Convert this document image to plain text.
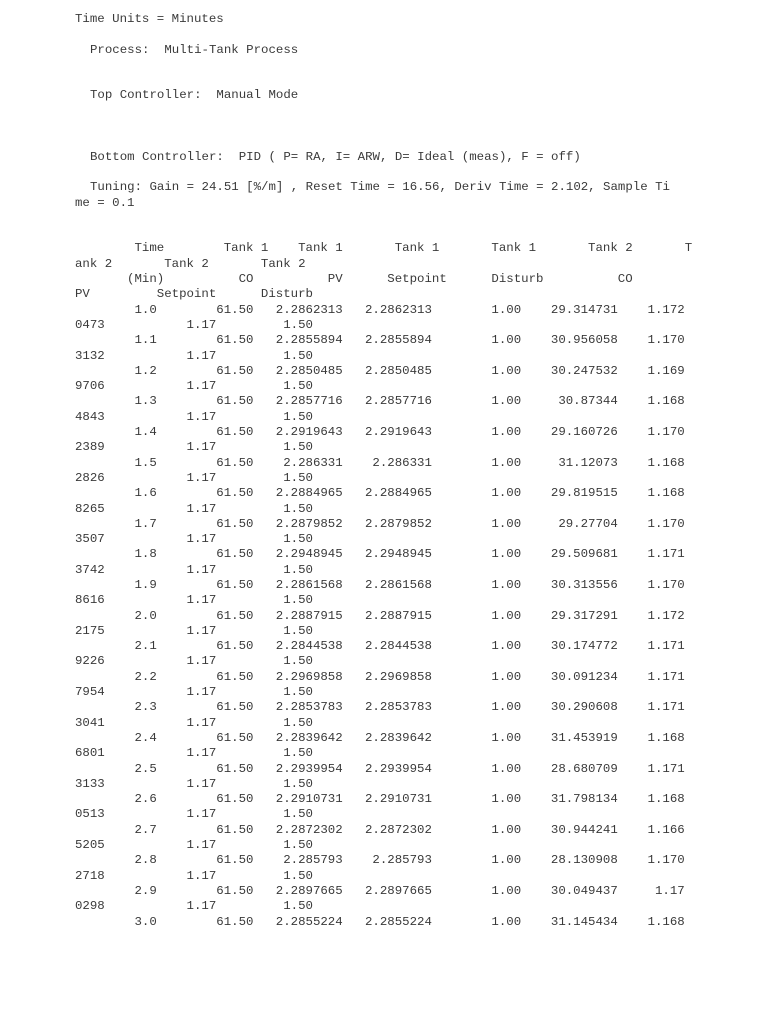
Time Units = Minutes
Process:  Multi-Tank Process
Top Controller:  Manual Mode
Bottom Controller:  PID ( P= RA, I= ARW, D= Ideal (meas), F = off)
Tuning: Gain = 24.51 [%/m] , Reset Time = 16.56, Deriv Time = 2.102, Sample Ti
me = 0.1
Time        Tank 1    Tank 1       Tank 1       Tank 1       Tank 2       T
ank 2       Tank 2       Tank 2
(Min)          CO          PV      Setpoint      Disturb          CO
PV         Setpoint      Disturb
1.0        61.50   2.2862313   2.2862313        1.00    29.314731    1.172
0473           1.17         1.50
1.1        61.50   2.2855894   2.2855894        1.00    30.956058    1.170
3132           1.17         1.50
1.2        61.50   2.2850485   2.2850485        1.00    30.247532    1.169
9706           1.17         1.50
1.3        61.50   2.2857716   2.2857716        1.00     30.87344    1.168
4843           1.17         1.50
1.4        61.50   2.2919643   2.2919643        1.00    29.160726    1.170
2389           1.17         1.50
1.5        61.50    2.286331    2.286331        1.00     31.12073    1.168
2826           1.17         1.50
1.6        61.50   2.2884965   2.2884965        1.00    29.819515    1.168
8265           1.17         1.50
1.7        61.50   2.2879852   2.2879852        1.00     29.27704    1.170
3507           1.17         1.50
1.8        61.50   2.2948945   2.2948945        1.00    29.509681    1.171
3742           1.17         1.50
1.9        61.50   2.2861568   2.2861568        1.00    30.313556    1.170
8616           1.17         1.50
2.0        61.50   2.2887915   2.2887915        1.00    29.317291    1.172
2175           1.17         1.50
2.1        61.50   2.2844538   2.2844538        1.00    30.174772    1.171
9226           1.17         1.50
2.2        61.50   2.2969858   2.2969858        1.00    30.091234    1.171
7954           1.17         1.50
2.3        61.50   2.2853783   2.2853783        1.00    30.290608    1.171
3041           1.17         1.50
2.4        61.50   2.2839642   2.2839642        1.00    31.453919    1.168
6801           1.17         1.50
2.5        61.50   2.2939954   2.2939954        1.00    28.680709    1.171
3133           1.17         1.50
2.6        61.50   2.2910731   2.2910731        1.00    31.798134    1.168
0513           1.17         1.50
2.7        61.50   2.2872302   2.2872302        1.00    30.944241    1.166
5205           1.17         1.50
2.8        61.50    2.285793    2.285793        1.00    28.130908    1.170
2718           1.17         1.50
2.9        61.50   2.2897665   2.2897665        1.00    30.049437     1.17
0298           1.17         1.50
3.0        61.50   2.2855224   2.2855224        1.00    31.145434    1.168
